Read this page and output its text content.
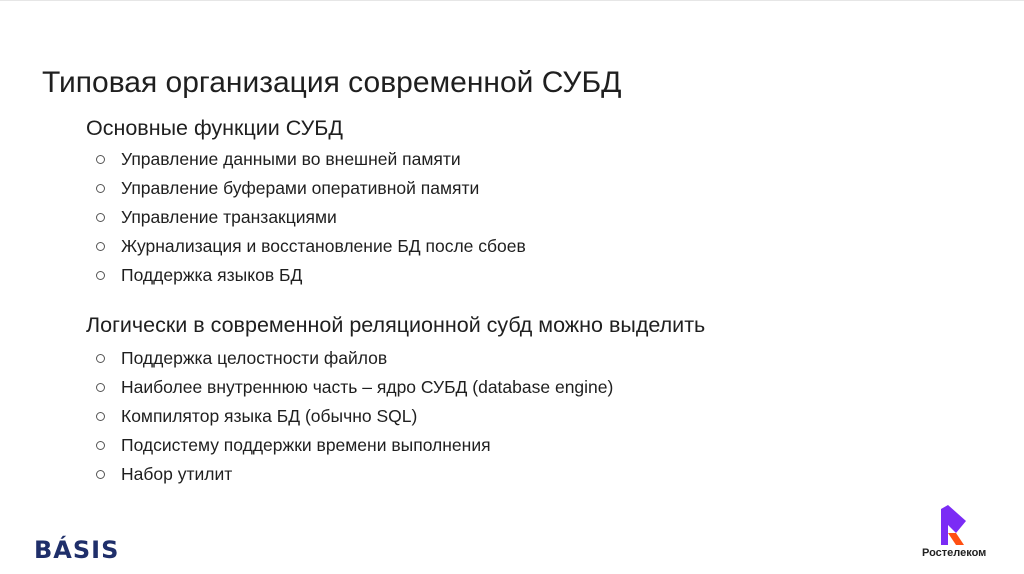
Типовая организация современной СУБД
Основные функции СУБД
Управление данными во внешней памяти
Управление буферами оперативной памяти
Управление транзакциями
Журнализация и восстановление БД после сбоев
Поддержка языков БД
Логически в современной реляционной субд можно выделить
Поддержка целостности файлов
Наиболее внутреннюю часть – ядро СУБД (database engine)
Компилятор языка БД (обычно SQL)
Подсистему поддержки времени выполнения
Набор утилит
BÁSIS	Ростелеком
